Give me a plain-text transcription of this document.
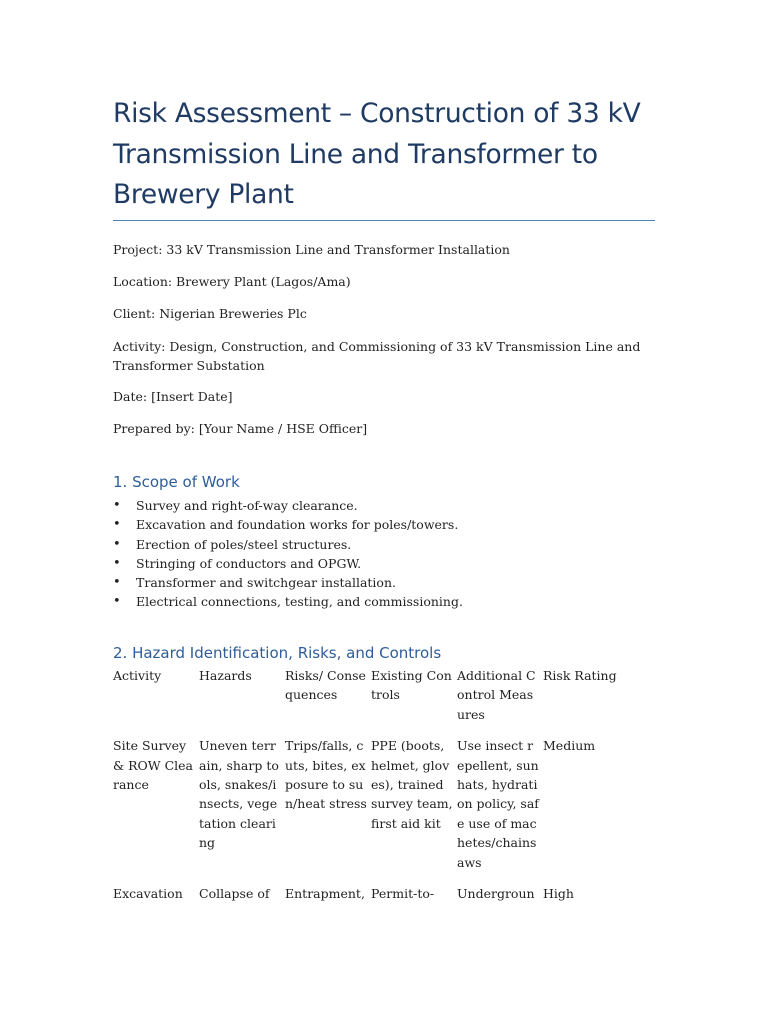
Risk Assessment – Construction of 33 kV Transmission Line and Transformer to Brewery Plant

Project: 33 kV Transmission Line and Transformer Installation

Location: Brewery Plant (Lagos/Ama)

Client: Nigerian Breweries Plc

Activity: Design, Construction, and Commissioning of 33 kV Transmission Line and Transformer Substation

Date: [Insert Date]

Prepared by: [Your Name / HSE Officer]

1. Scope of Work
• Survey and right-of-way clearance.
• Excavation and foundation works for poles/towers.
• Erection of poles/steel structures.
• Stringing of conductors and OPGW.
• Transformer and switchgear installation.
• Electrical connections, testing, and commissioning.
2. Hazard Identification, Risks, and Controls
Activity	Hazards	Risks/ Consequences	Existing Controls	Additional Control Measures	Risk Rating
Site Survey & ROW Clearance	Uneven terrain, sharp tools, snakes/insects, vegetation clearing	Trips/falls, cuts, bites, exposure to sun/heat stress	PPE (boots, helmet, gloves), trained survey team, first aid kit	Use insect repellent, sun hats, hydration policy, safe use of machetes/chainsaws	Medium
Excavation	Collapse of	Entrapment,	Permit-to-	Undergroun	High
